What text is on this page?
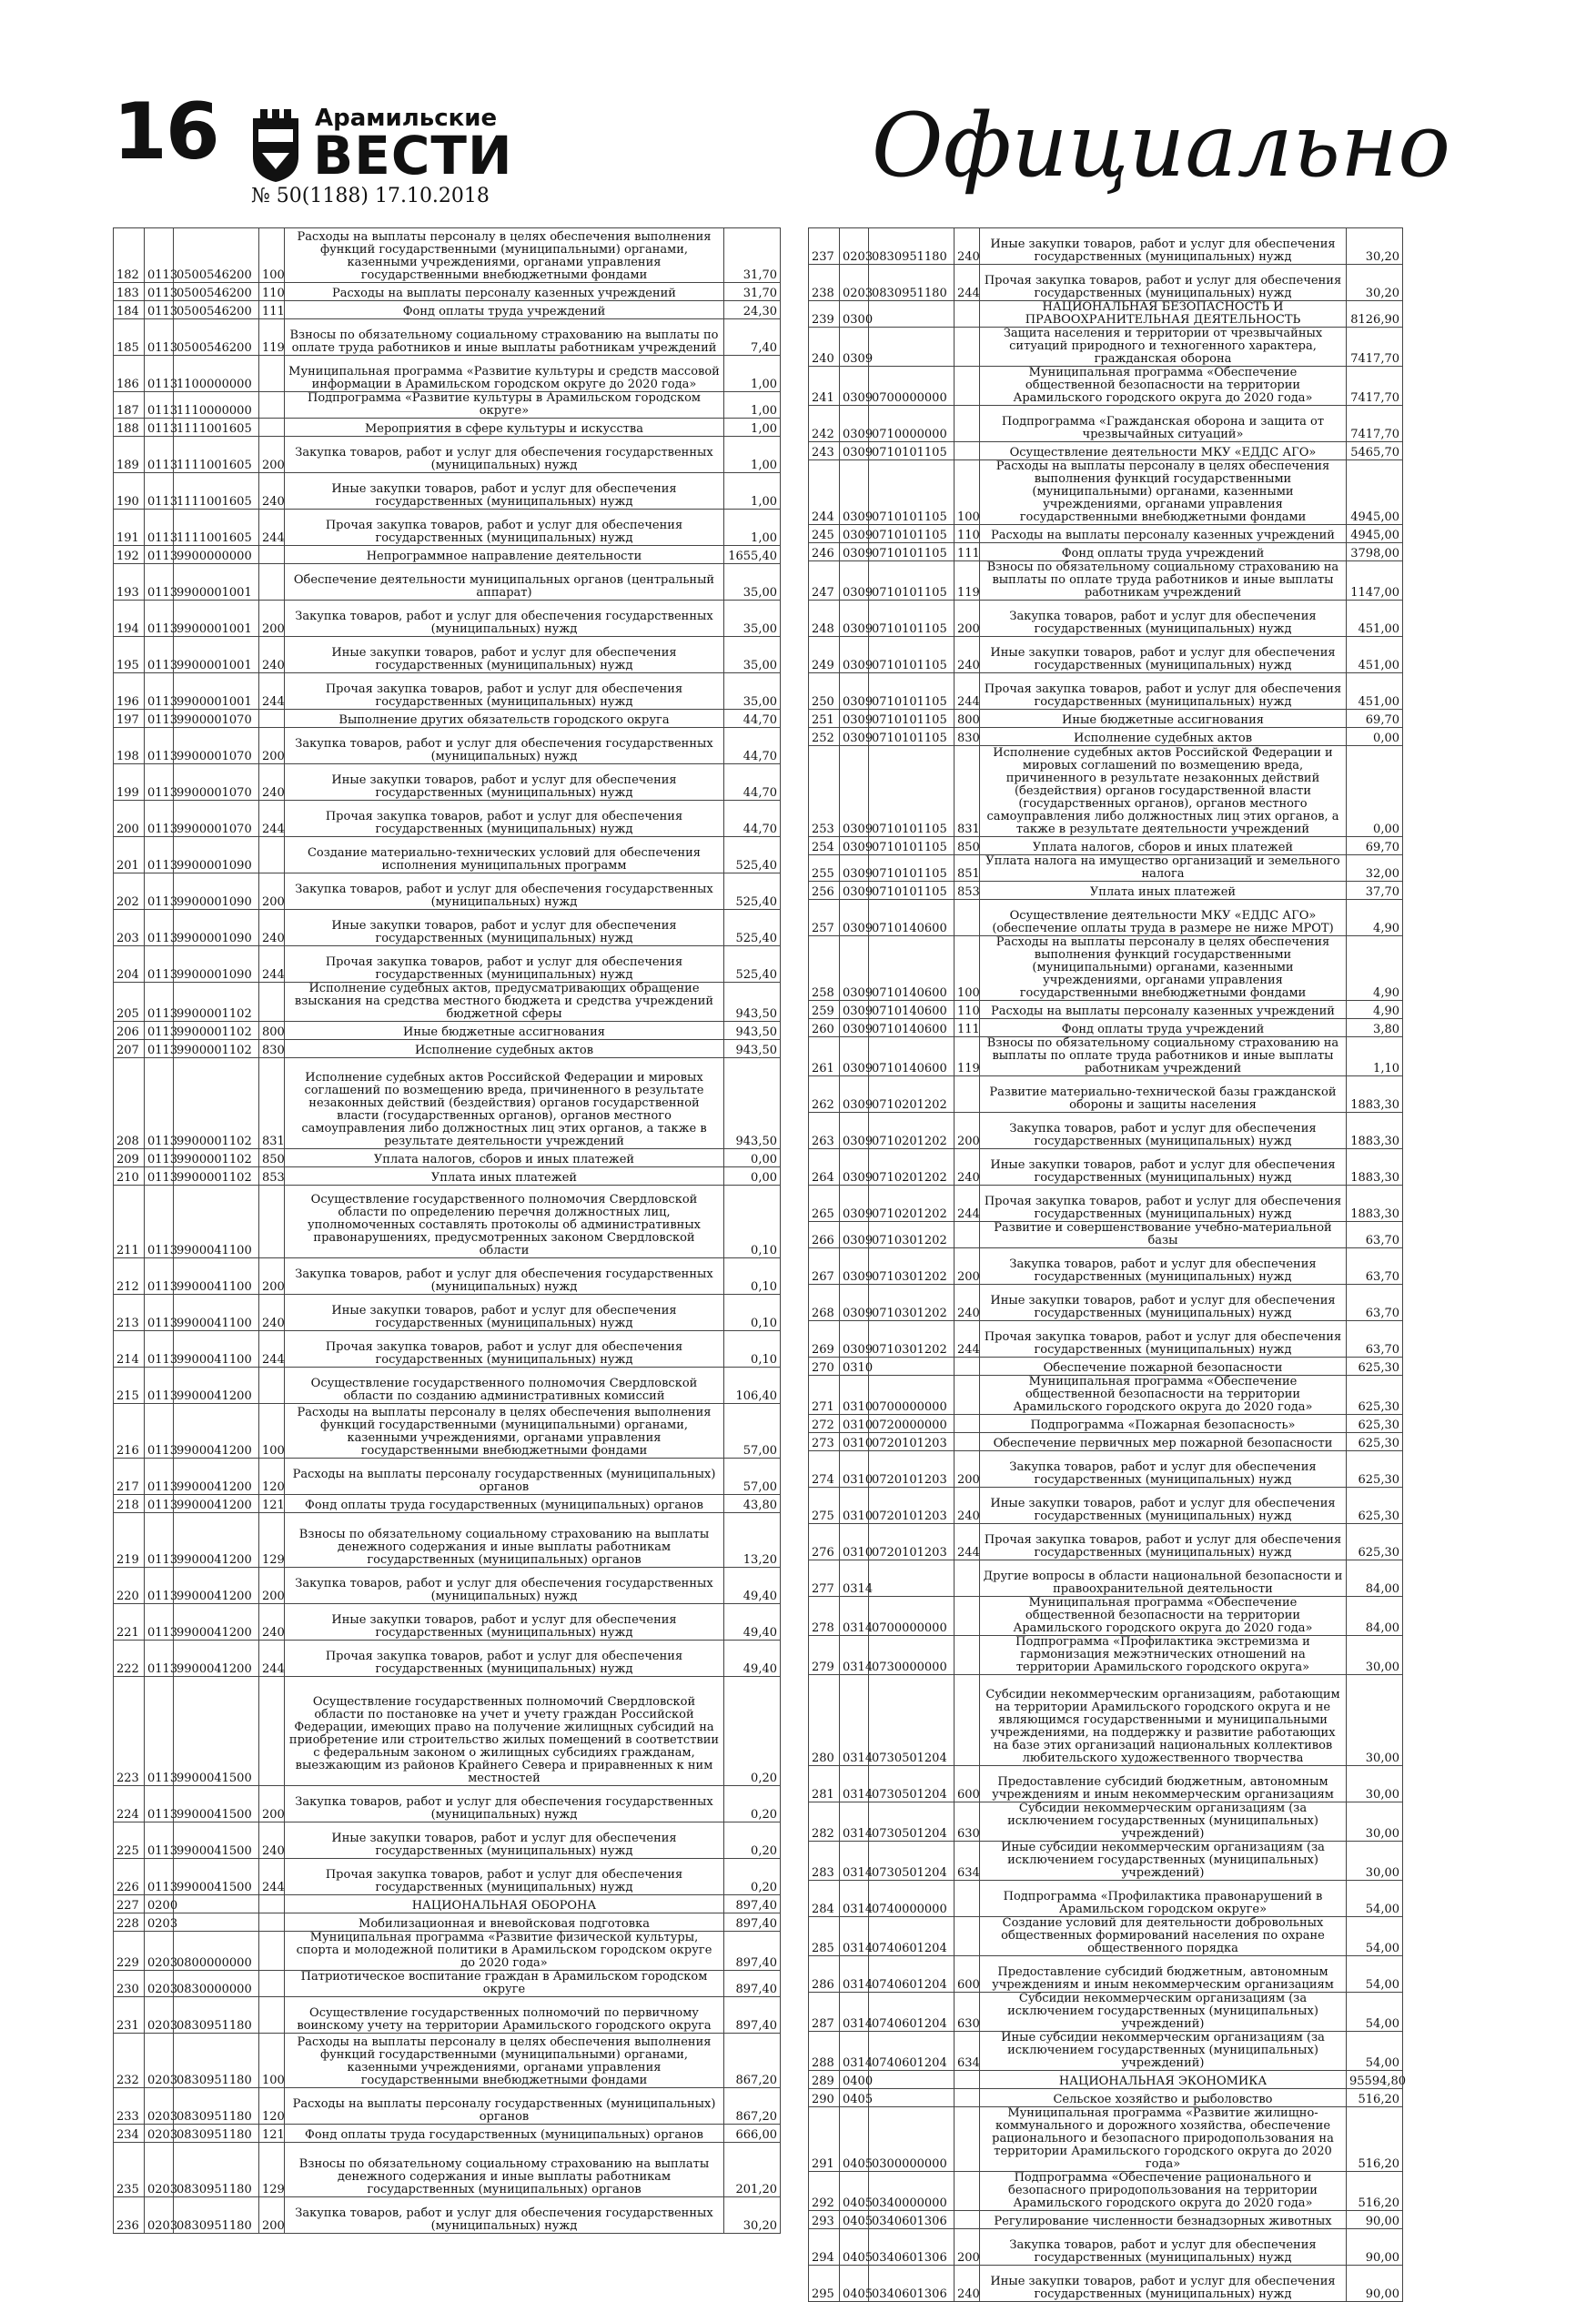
16	Арамильские
ВЕСТИ
№ 50(1188) 17.10.2018	Официально
182	0113	0500546200	100	Расходы на выплаты персоналу в целях обеспечения выполнения функций государственными (муниципальными) органами, казенными учреждениями, органами управления государственными внебюджетными фондами	31,70
183	0113	0500546200	110	Расходы на выплаты персоналу казенных учреждений	31,70
184	0113	0500546200	111	Фонд оплаты труда учреждений	24,30
185	0113	0500546200	119	Взносы по обязательному социальному страхованию на выплаты по оплате труда работников и иные выплаты работникам учреждений	7,40
186	0113	1100000000		Муниципальная программа «Развитие культуры и средств массовой информации в Арамильском городском округе до 2020 года»	1,00
187	0113	1110000000		Подпрограмма «Развитие культуры в Арамильском городском округе»	1,00
188	0113	1111001605		Мероприятия в сфере культуры и искусства	1,00
189	0113	1111001605	200	Закупка товаров, работ и услуг для обеспечения государственных (муниципальных) нужд	1,00
190	0113	1111001605	240	Иные закупки товаров, работ и услуг для обеспечения государственных (муниципальных) нужд	1,00
191	0113	1111001605	244	Прочая закупка товаров, работ и услуг для обеспечения государственных (муниципальных) нужд	1,00
192	0113	9900000000		Непрограммное направление деятельности	1655,40
193	0113	9900001001		Обеспечение деятельности муниципальных органов (центральный аппарат)	35,00
194	0113	9900001001	200	Закупка товаров, работ и услуг для обеспечения государственных (муниципальных) нужд	35,00
195	0113	9900001001	240	Иные закупки товаров, работ и услуг для обеспечения государственных (муниципальных) нужд	35,00
196	0113	9900001001	244	Прочая закупка товаров, работ и услуг для обеспечения государственных (муниципальных) нужд	35,00
197	0113	9900001070		Выполнение других обязательств городского округа	44,70
198	0113	9900001070	200	Закупка товаров, работ и услуг для обеспечения государственных (муниципальных) нужд	44,70
199	0113	9900001070	240	Иные закупки товаров, работ и услуг для обеспечения государственных (муниципальных) нужд	44,70
200	0113	9900001070	244	Прочая закупка товаров, работ и услуг для обеспечения государственных (муниципальных) нужд	44,70
201	0113	9900001090		Создание материально-технических условий для обеспечения исполнения муниципальных программ	525,40
202	0113	9900001090	200	Закупка товаров, работ и услуг для обеспечения государственных (муниципальных) нужд	525,40
203	0113	9900001090	240	Иные закупки товаров, работ и услуг для обеспечения государственных (муниципальных) нужд	525,40
204	0113	9900001090	244	Прочая закупка товаров, работ и услуг для обеспечения государственных (муниципальных) нужд	525,40
205	0113	9900001102		Исполнение судебных актов, предусматривающих обращение взыскания на средства местного бюджета и средства учреждений бюджетной сферы	943,50
206	0113	9900001102	800	Иные бюджетные ассигнования	943,50
207	0113	9900001102	830	Исполнение судебных актов	943,50
208	0113	9900001102	831	Исполнение судебных актов Российской Федерации и мировых соглашений по возмещению вреда, причиненного в результате незаконных действий (бездействия) органов государственной власти (государственных органов), органов местного самоуправления либо должностных лиц этих органов, а также в результате деятельности учреждений	943,50
209	0113	9900001102	850	Уплата налогов, сборов и иных платежей	0,00
210	0113	9900001102	853	Уплата иных платежей	0,00
211	0113	9900041100		Осуществление государственного полномочия Свердловской области по определению перечня должностных лиц, уполномоченных составлять протоколы об административных правонарушениях, предусмотренных законом Свердловской области	0,10
212	0113	9900041100	200	Закупка товаров, работ и услуг для обеспечения государственных (муниципальных) нужд	0,10
213	0113	9900041100	240	Иные закупки товаров, работ и услуг для обеспечения государственных (муниципальных) нужд	0,10
214	0113	9900041100	244	Прочая закупка товаров, работ и услуг для обеспечения государственных (муниципальных) нужд	0,10
215	0113	9900041200		Осуществление государственного полномочия Свердловской области по созданию административных комиссий	106,40
216	0113	9900041200	100	Расходы на выплаты персоналу в целях обеспечения выполнения функций государственными (муниципальными) органами, казенными учреждениями, органами управления государственными внебюджетными фондами	57,00
217	0113	9900041200	120	Расходы на выплаты персоналу государственных (муниципальных) органов	57,00
218	0113	9900041200	121	Фонд оплаты труда государственных (муниципальных) органов	43,80
219	0113	9900041200	129	Взносы по обязательному социальному страхованию на выплаты денежного содержания и иные выплаты работникам государственных (муниципальных) органов	13,20
220	0113	9900041200	200	Закупка товаров, работ и услуг для обеспечения государственных (муниципальных) нужд	49,40
221	0113	9900041200	240	Иные закупки товаров, работ и услуг для обеспечения государственных (муниципальных) нужд	49,40
222	0113	9900041200	244	Прочая закупка товаров, работ и услуг для обеспечения государственных (муниципальных) нужд	49,40
223	0113	9900041500		Осуществление государственных полномочий Свердловской области по постановке на учет и учету граждан Российской Федерации, имеющих право на получение жилищных субсидий на приобретение или строительство жилых помещений в соответствии с федеральным законом о жилищных субсидиях гражданам, выезжающим из районов Крайнего Севера и приравненных к ним местностей	0,20
224	0113	9900041500	200	Закупка товаров, работ и услуг для обеспечения государственных (муниципальных) нужд	0,20
225	0113	9900041500	240	Иные закупки товаров, работ и услуг для обеспечения государственных (муниципальных) нужд	0,20
226	0113	9900041500	244	Прочая закупка товаров, работ и услуг для обеспечения государственных (муниципальных) нужд	0,20
227	0200			НАЦИОНАЛЬНАЯ ОБОРОНА	897,40
228	0203			Мобилизационная и вневойсковая подготовка	897,40
229	0203	0800000000		Муниципальная программа «Развитие физической культуры, спорта и молодежной политики в Арамильском городском округе до 2020 года»	897,40
230	0203	0830000000		Патриотическое воспитание граждан в Арамильском городском округе	897,40
231	0203	0830951180		Осуществление государственных полномочий по первичному воинскому учету на территории Арамильского городского округа	897,40
232	0203	0830951180	100	Расходы на выплаты персоналу в целях обеспечения выполнения функций государственными (муниципальными) органами, казенными учреждениями, органами управления государственными внебюджетными фондами	867,20
233	0203	0830951180	120	Расходы на выплаты персоналу государственных (муниципальных) органов	867,20
234	0203	0830951180	121	Фонд оплаты труда государственных (муниципальных) органов	666,00
235	0203	0830951180	129	Взносы по обязательному социальному страхованию на выплаты денежного содержания и иные выплаты работникам государственных (муниципальных) органов	201,20
236	0203	0830951180	200	Закупка товаров, работ и услуг для обеспечения государственных (муниципальных) нужд	30,20
237	0203	0830951180	240	Иные закупки товаров, работ и услуг для обеспечения государственных (муниципальных) нужд	30,20
238	0203	0830951180	244	Прочая закупка товаров, работ и услуг для обеспечения государственных (муниципальных) нужд	30,20
239	0300			НАЦИОНАЛЬНАЯ БЕЗОПАСНОСТЬ И ПРАВООХРАНИТЕЛЬНАЯ ДЕЯТЕЛЬНОСТЬ	8126,90
240	0309			Защита населения и территории от чрезвычайных ситуаций природного и техногенного характера, гражданская оборона	7417,70
241	0309	0700000000		Муниципальная программа «Обеспечение общественной безопасности на территории Арамильского городского округа до 2020 года»	7417,70
242	0309	0710000000		Подпрограмма «Гражданская оборона и защита от чрезвычайных ситуаций»	7417,70
243	0309	0710101105		Осуществление деятельности МКУ «ЕДДС АГО»	5465,70
244	0309	0710101105	100	Расходы на выплаты персоналу в целях обеспечения выполнения функций государственными (муниципальными) органами, казенными учреждениями, органами управления государственными внебюджетными фондами	4945,00
245	0309	0710101105	110	Расходы на выплаты персоналу казенных учреждений	4945,00
246	0309	0710101105	111	Фонд оплаты труда учреждений	3798,00
247	0309	0710101105	119	Взносы по обязательному социальному страхованию на выплаты по оплате труда работников и иные выплаты работникам учреждений	1147,00
248	0309	0710101105	200	Закупка товаров, работ и услуг для обеспечения государственных (муниципальных) нужд	451,00
249	0309	0710101105	240	Иные закупки товаров, работ и услуг для обеспечения государственных (муниципальных) нужд	451,00
250	0309	0710101105	244	Прочая закупка товаров, работ и услуг для обеспечения государственных (муниципальных) нужд	451,00
251	0309	0710101105	800	Иные бюджетные ассигнования	69,70
252	0309	0710101105	830	Исполнение судебных актов	0,00
253	0309	0710101105	831	Исполнение судебных актов Российской Федерации и мировых соглашений по возмещению вреда, причиненного в результате незаконных действий (бездействия) органов государственной власти (государственных органов), органов местного самоуправления либо должностных лиц этих органов, а также в результате деятельности учреждений	0,00
254	0309	0710101105	850	Уплата налогов, сборов и иных платежей	69,70
255	0309	0710101105	851	Уплата налога на имущество организаций и земельного налога	32,00
256	0309	0710101105	853	Уплата иных платежей	37,70
257	0309	0710140600		Осуществление деятельности МКУ «ЕДДС АГО» (обеспечение оплаты труда в размере не ниже МРОТ)	4,90
258	0309	0710140600	100	Расходы на выплаты персоналу в целях обеспечения выполнения функций государственными (муниципальными) органами, казенными учреждениями, органами управления государственными внебюджетными фондами	4,90
259	0309	0710140600	110	Расходы на выплаты персоналу казенных учреждений	4,90
260	0309	0710140600	111	Фонд оплаты труда учреждений	3,80
261	0309	0710140600	119	Взносы по обязательному социальному страхованию на выплаты по оплате труда работников и иные выплаты работникам учреждений	1,10
262	0309	0710201202		Развитие материально-технической базы гражданской обороны и защиты населения	1883,30
263	0309	0710201202	200	Закупка товаров, работ и услуг для обеспечения государственных (муниципальных) нужд	1883,30
264	0309	0710201202	240	Иные закупки товаров, работ и услуг для обеспечения государственных (муниципальных) нужд	1883,30
265	0309	0710201202	244	Прочая закупка товаров, работ и услуг для обеспечения государственных (муниципальных) нужд	1883,30
266	0309	0710301202		Развитие и совершенствование учебно-материальной базы	63,70
267	0309	0710301202	200	Закупка товаров, работ и услуг для обеспечения государственных (муниципальных) нужд	63,70
268	0309	0710301202	240	Иные закупки товаров, работ и услуг для обеспечения государственных (муниципальных) нужд	63,70
269	0309	0710301202	244	Прочая закупка товаров, работ и услуг для обеспечения государственных (муниципальных) нужд	63,70
270	0310			Обеспечение пожарной безопасности	625,30
271	0310	0700000000		Муниципальная программа «Обеспечение общественной безопасности на территории Арамильского городского округа до 2020 года»	625,30
272	0310	0720000000		Подпрограмма «Пожарная безопасность»	625,30
273	0310	0720101203		Обеспечение первичных мер пожарной безопасности	625,30
274	0310	0720101203	200	Закупка товаров, работ и услуг для обеспечения государственных (муниципальных) нужд	625,30
275	0310	0720101203	240	Иные закупки товаров, работ и услуг для обеспечения государственных (муниципальных) нужд	625,30
276	0310	0720101203	244	Прочая закупка товаров, работ и услуг для обеспечения государственных (муниципальных) нужд	625,30
277	0314			Другие вопросы в области национальной безопасности и правоохранительной деятельности	84,00
278	0314	0700000000		Муниципальная программа «Обеспечение общественной безопасности на территории Арамильского городского округа до 2020 года»	84,00
279	0314	0730000000		Подпрограмма «Профилактика экстремизма и гармонизация межэтнических отношений на территории Арамильского городского округа»	30,00
280	0314	0730501204		Субсидии некоммерческим организациям, работающим на территории Арамильского городского округа и не являющимся государственными и муниципальными учреждениями, на поддержку и развитие работающих на базе этих организаций национальных коллективов любительского художественного творчества	30,00
281	0314	0730501204	600	Предоставление субсидий бюджетным, автономным учреждениям и иным некоммерческим организациям	30,00
282	0314	0730501204	630	Субсидии некоммерческим организациям (за исключением государственных (муниципальных) учреждений)	30,00
283	0314	0730501204	634	Иные субсидии некоммерческим организациям (за исключением государственных (муниципальных) учреждений)	30,00
284	0314	0740000000		Подпрограмма «Профилактика правонарушений в Арамильском городском округе»	54,00
285	0314	0740601204		Создание условий для деятельности добровольных общественных формирований населения по охране общественного порядка	54,00
286	0314	0740601204	600	Предоставление субсидий бюджетным, автономным учреждениям и иным некоммерческим организациям	54,00
287	0314	0740601204	630	Субсидии некоммерческим организациям (за исключением государственных (муниципальных) учреждений)	54,00
288	0314	0740601204	634	Иные субсидии некоммерческим организациям (за исключением государственных (муниципальных) учреждений)	54,00
289	0400			НАЦИОНАЛЬНАЯ ЭКОНОМИКА	95594,80
290	0405			Сельское хозяйство и рыболовство	516,20
291	0405	0300000000		Муниципальная программа «Развитие жилищно-коммунального и дорожного хозяйства, обеспечение рационального и безопасного природопользования на территории Арамильского городского округа до 2020 года»	516,20
292	0405	0340000000		Подпрограмма «Обеспечение рационального и безопасного природопользования на территории Арамильского городского округа до 2020 года»	516,20
293	0405	0340601306		Регулирование численности безнадзорных животных	90,00
294	0405	0340601306	200	Закупка товаров, работ и услуг для обеспечения государственных (муниципальных) нужд	90,00
295	0405	0340601306	240	Иные закупки товаров, работ и услуг для обеспечения государственных (муниципальных) нужд	90,00
